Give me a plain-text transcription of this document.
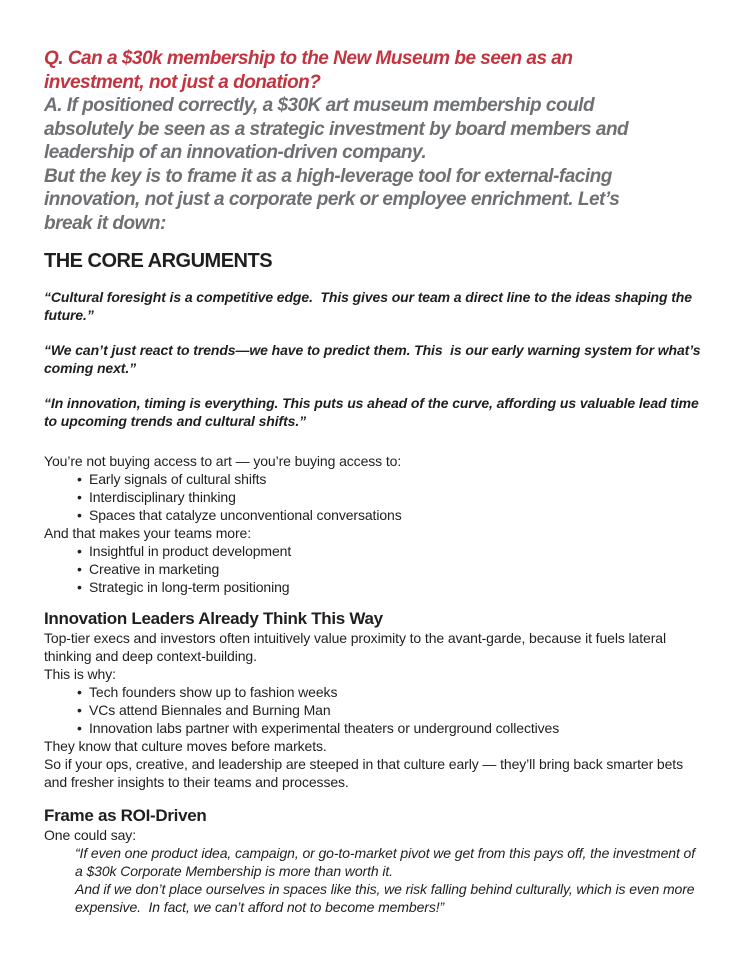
Q. Can a $30k membership to the New Museum be seen as an investment, not just a donation?

A. If positioned correctly, a $30K art museum membership could absolutely be seen as a strategic investment by board members and leadership of an innovation-driven company.

But the key is to frame it as a high-leverage tool for external-facing innovation, not just a corporate perk or employee enrichment. Let’s break it down:

THE CORE ARGUMENTS

“Cultural foresight is a competitive edge.  This gives our team a direct line to the ideas shaping the future.”

“We can’t just react to trends—we have to predict them. This  is our early warning system for what’s coming next.”

“In innovation, timing is everything. This puts us ahead of the curve, affording us valuable lead time to upcoming trends and cultural shifts.”

You’re not buying access to art — you’re buying access to:

• Early signals of cultural shifts
• Interdisciplinary thinking
• Spaces that catalyze unconventional conversations

And that makes your teams more:

• Insightful in product development
• Creative in marketing
• Strategic in long-term positioning
Innovation Leaders Already Think This Way

Top-tier execs and investors often intuitively value proximity to the avant-garde, because it fuels lateral thinking and deep context-building.

This is why:

• Tech founders show up to fashion weeks
• VCs attend Biennales and Burning Man
• Innovation labs partner with experimental theaters or underground collectives

They know that culture moves before markets.

So if your ops, creative, and leadership are steeped in that culture early — they’ll bring back smarter bets and fresher insights to their teams and processes.

Frame as ROI-Driven

One could say:

“If even one product idea, campaign, or go-to-market pivot we get from this pays off, the investment of a $30k Corporate Membership is more than worth it.

And if we don’t place ourselves in spaces like this, we risk falling behind culturally, which is even more expensive.  In fact, we can’t afford not to become members!”
